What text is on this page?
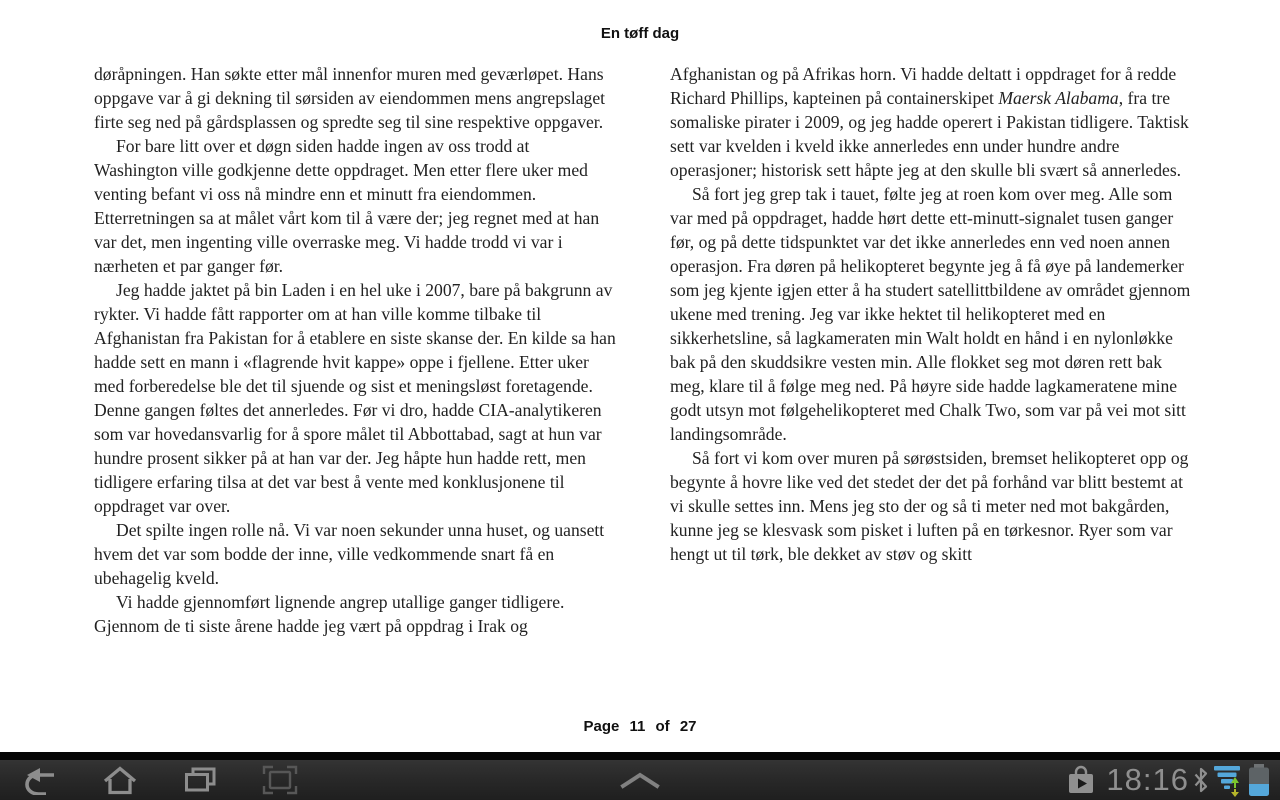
En tøff dag

døråpningen. Han søkte etter mål innenfor muren med geværløpet. Hans oppgave var å gi dekning til sørsiden av eiendommen mens angrepslaget firte seg ned på gårdsplassen og spredte seg til sine respektive oppgaver.

For bare litt over et døgn siden hadde ingen av oss trodd at Washington ville godkjenne dette oppdraget. Men etter flere uker med venting befant vi oss nå mindre enn et minutt fra eiendommen. Etterretningen sa at målet vårt kom til å være der; jeg regnet med at han var det, men ingenting ville overraske meg. Vi hadde trodd vi var i nærheten et par ganger før.

Jeg hadde jaktet på bin Laden i en hel uke i 2007, bare på bakgrunn av rykter. Vi hadde fått rapporter om at han ville komme tilbake til Afghanistan fra Pakistan for å etablere en siste skanse der. En kilde sa han hadde sett en mann i «flagrende hvit kappe» oppe i fjellene. Etter uker med forberedelse ble det til sjuende og sist et meningsløst foretagende. Denne gangen føltes det annerledes. Før vi dro, hadde CIA-analytikeren som var hovedansvarlig for å spore målet til Abbottabad, sagt at hun var hundre prosent sikker på at han var der. Jeg håpte hun hadde rett, men tidligere erfaring tilsa at det var best å vente med konklusjonene til oppdraget var over.

Det spilte ingen rolle nå. Vi var noen sekunder unna huset, og uansett hvem det var som bodde der inne, ville vedkommende snart få en ubehagelig kveld.

Vi hadde gjennomført lignende angrep utallige ganger tidligere. Gjennom de ti siste årene hadde jeg vært på oppdrag i Irak og

Afghanistan og på Afrikas horn. Vi hadde deltatt i oppdraget for å redde Richard Phillips, kapteinen på containerskipet Maersk Alabama, fra tre somaliske pirater i 2009, og jeg hadde operert i Pakistan tidligere. Taktisk sett var kvelden i kveld ikke annerledes enn under hundre andre operasjoner; historisk sett håpte jeg at den skulle bli svært så annerledes.

Så fort jeg grep tak i tauet, følte jeg at roen kom over meg. Alle som var med på oppdraget, hadde hørt dette ett-minutt-signalet tusen ganger før, og på dette tidspunktet var det ikke annerledes enn ved noen annen operasjon. Fra døren på helikopteret begynte jeg å få øye på landemerker som jeg kjente igjen etter å ha studert satellittbildene av området gjennom ukene med trening. Jeg var ikke hektet til helikopteret med en sikkerhetsline, så lagkameraten min Walt holdt en hånd i en nylonløkke bak på den skuddsikre vesten min. Alle flokket seg mot døren rett bak meg, klare til å følge meg ned. På høyre side hadde lagkameratene mine godt utsyn mot følgehelikopteret med Chalk Two, som var på vei mot sitt landingsområde.

Så fort vi kom over muren på sørøstsiden, bremset helikopteret opp og begynte å hovre like ved det stedet der det på forhånd var blitt bestemt at vi skulle settes inn. Mens jeg sto der og så ti meter ned mot bakgården, kunne jeg se klesvask som pisket i luften på en tørkesnor. Ryer som var hengt ut til tørk, ble dekket av støv og skitt

Page 11 of 27
18:16
